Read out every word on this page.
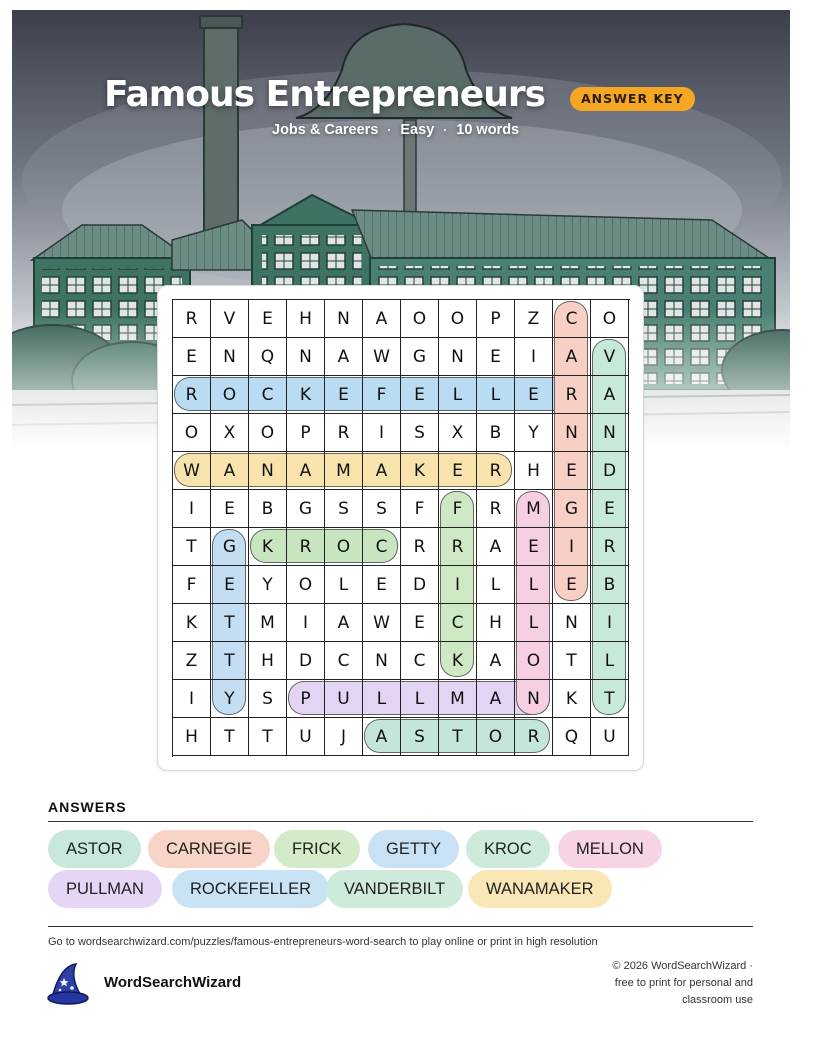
Famous Entrepreneurs	ANSWER KEY
Jobs & Careers · Easy · 10 words
R	V	E	H	N	A	O	O	P	Z	C	O
E	N	Q	N	A	W	G	N	E	I	A	V
R	O	C	K	E	F	E	L	L	E	R	A
O	X	O	P	R	I	S	X	B	Y	N	N
W	A	N	A	M	A	K	E	R	H	E	D
I	E	B	G	S	S	F	F	R	M	G	E
T	G	K	R	O	C	R	R	A	E	I	R
F	E	Y	O	L	E	D	I	L	L	E	B
K	T	M	I	A	W	E	C	H	L	N	I
Z	T	H	D	C	N	C	K	A	O	T	L
I	Y	S	P	U	L	L	M	A	N	K	T
H	T	T	U	J	A	S	T	O	R	Q	U
ANSWERS
ASTOR	CARNEGIE	FRICK	GETTY	KROC	MELLON
PULLMAN	ROCKEFELLER	VANDERBILT	WANAMAKER
Go to wordsearchwizard.com/puzzles/famous-entrepreneurs-word-search to play online or print in high resolution
WordSearchWizard
© 2026 WordSearchWizard ·
free to print for personal and
classroom use
